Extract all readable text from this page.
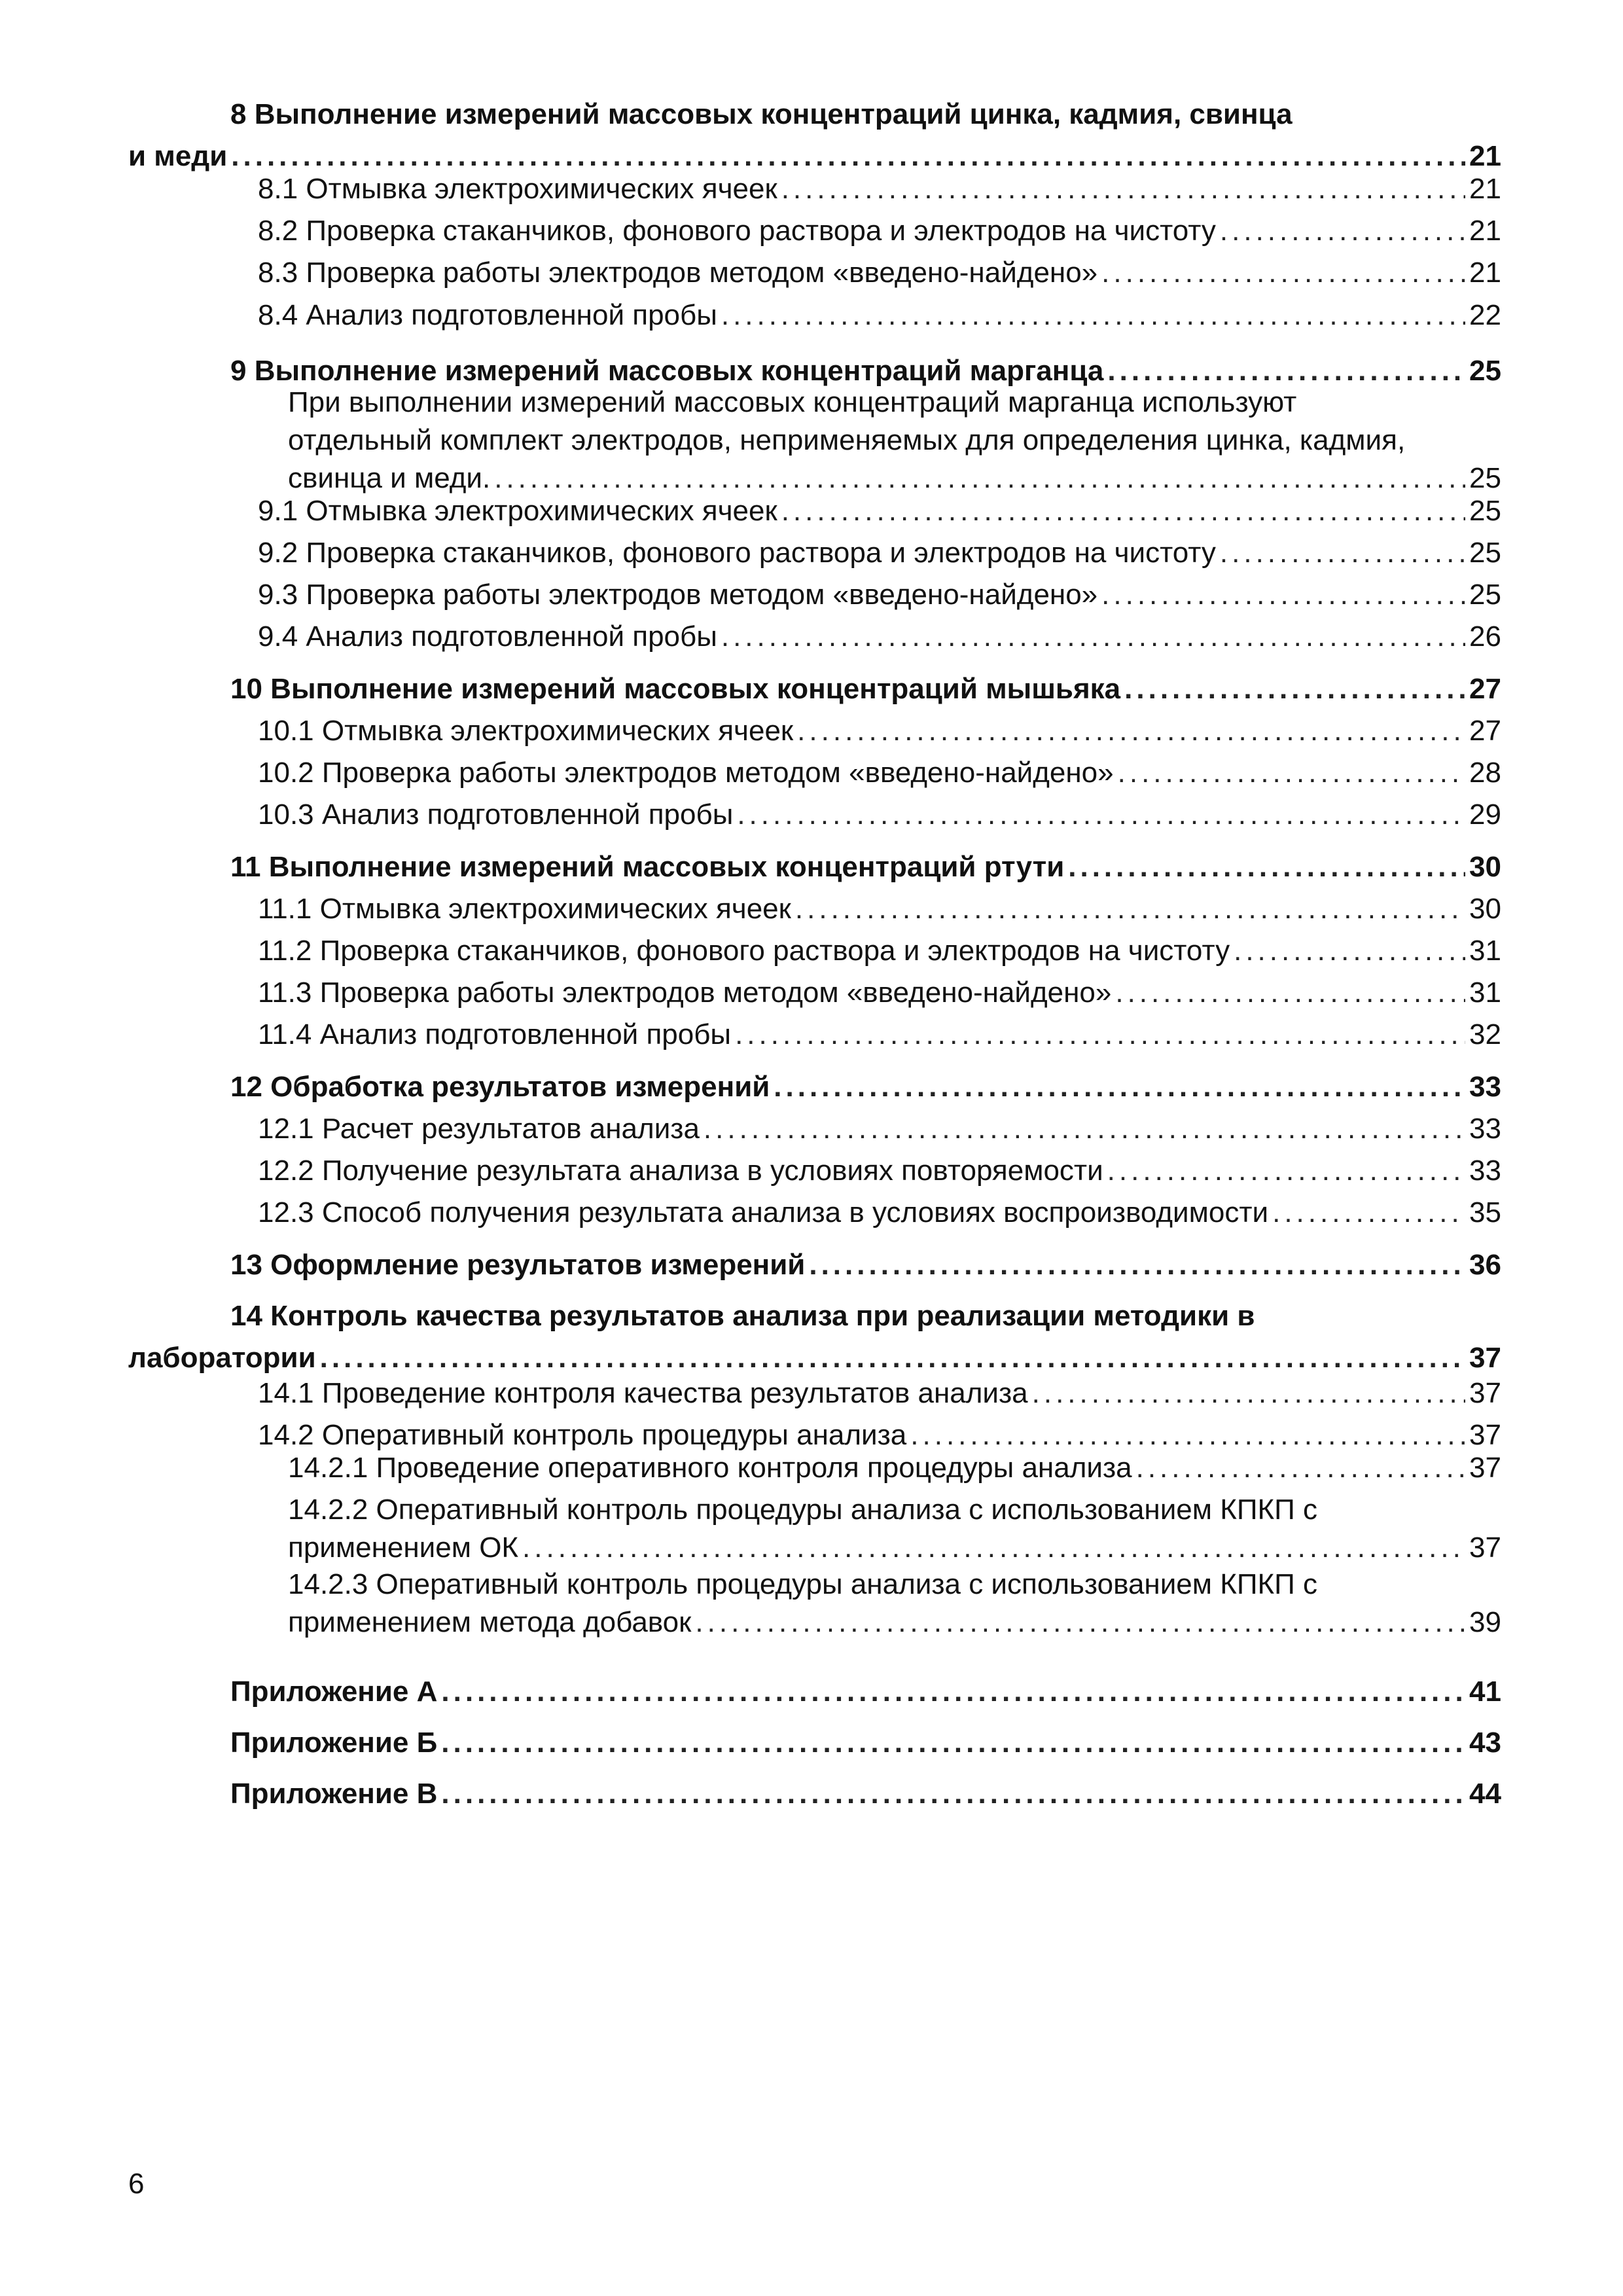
8 Выполнение измерений массовых концентраций цинка, кадмия, свинца
и меди .....	21
8.1 Отмывка электрохимических ячеек .....	21
8.2 Проверка стаканчиков, фонового раствора и электродов на чистоту .....	21
8.3 Проверка работы электродов методом «введено-найдено» .....	21
8.4 Анализ подготовленной пробы .....	22
9 Выполнение измерений массовых концентраций марганца .....	25
При выполнении измерений массовых концентраций марганца используют
отдельный комплект электродов, неприменяемых для определения цинка, кадмия,
свинца и меди. .....	25
9.1 Отмывка электрохимических ячеек .....	25
9.2 Проверка стаканчиков, фонового раствора и электродов на чистоту .....	25
9.3 Проверка работы электродов методом «введено-найдено» .....	25
9.4 Анализ подготовленной пробы .....	26
10 Выполнение измерений массовых концентраций мышьяка .....	27
10.1 Отмывка электрохимических ячеек .....	27
10.2 Проверка работы электродов методом «введено-найдено» .....	28
10.3 Анализ подготовленной пробы .....	29
11 Выполнение измерений массовых концентраций ртути .....	30
11.1 Отмывка электрохимических ячеек .....	30
11.2 Проверка стаканчиков, фонового раствора и электродов на чистоту .....	31
11.3 Проверка работы электродов методом «введено-найдено» .....	31
11.4 Анализ подготовленной пробы .....	32
12 Обработка результатов измерений .....	33
12.1 Расчет результатов анализа .....	33
12.2 Получение результата анализа в условиях повторяемости .....	33
12.3 Способ получения результата анализа в условиях воспроизводимости .....	35
13 Оформление результатов измерений .....	36
14 Контроль качества результатов анализа при реализации методики в
лаборатории .....	37
14.1 Проведение контроля качества результатов анализа .....	37
14.2 Оперативный контроль процедуры анализа .....	37
14.2.1 Проведение оперативного контроля процедуры анализа .....	37
14.2.2 Оперативный контроль процедуры анализа с использованием КПКП с
применением ОК .....	37
14.2.3 Оперативный контроль процедуры анализа с использованием КПКП с
применением метода добавок .....	39
Приложение А .....	41
Приложение Б .....	43
Приложение В .....	44
6
